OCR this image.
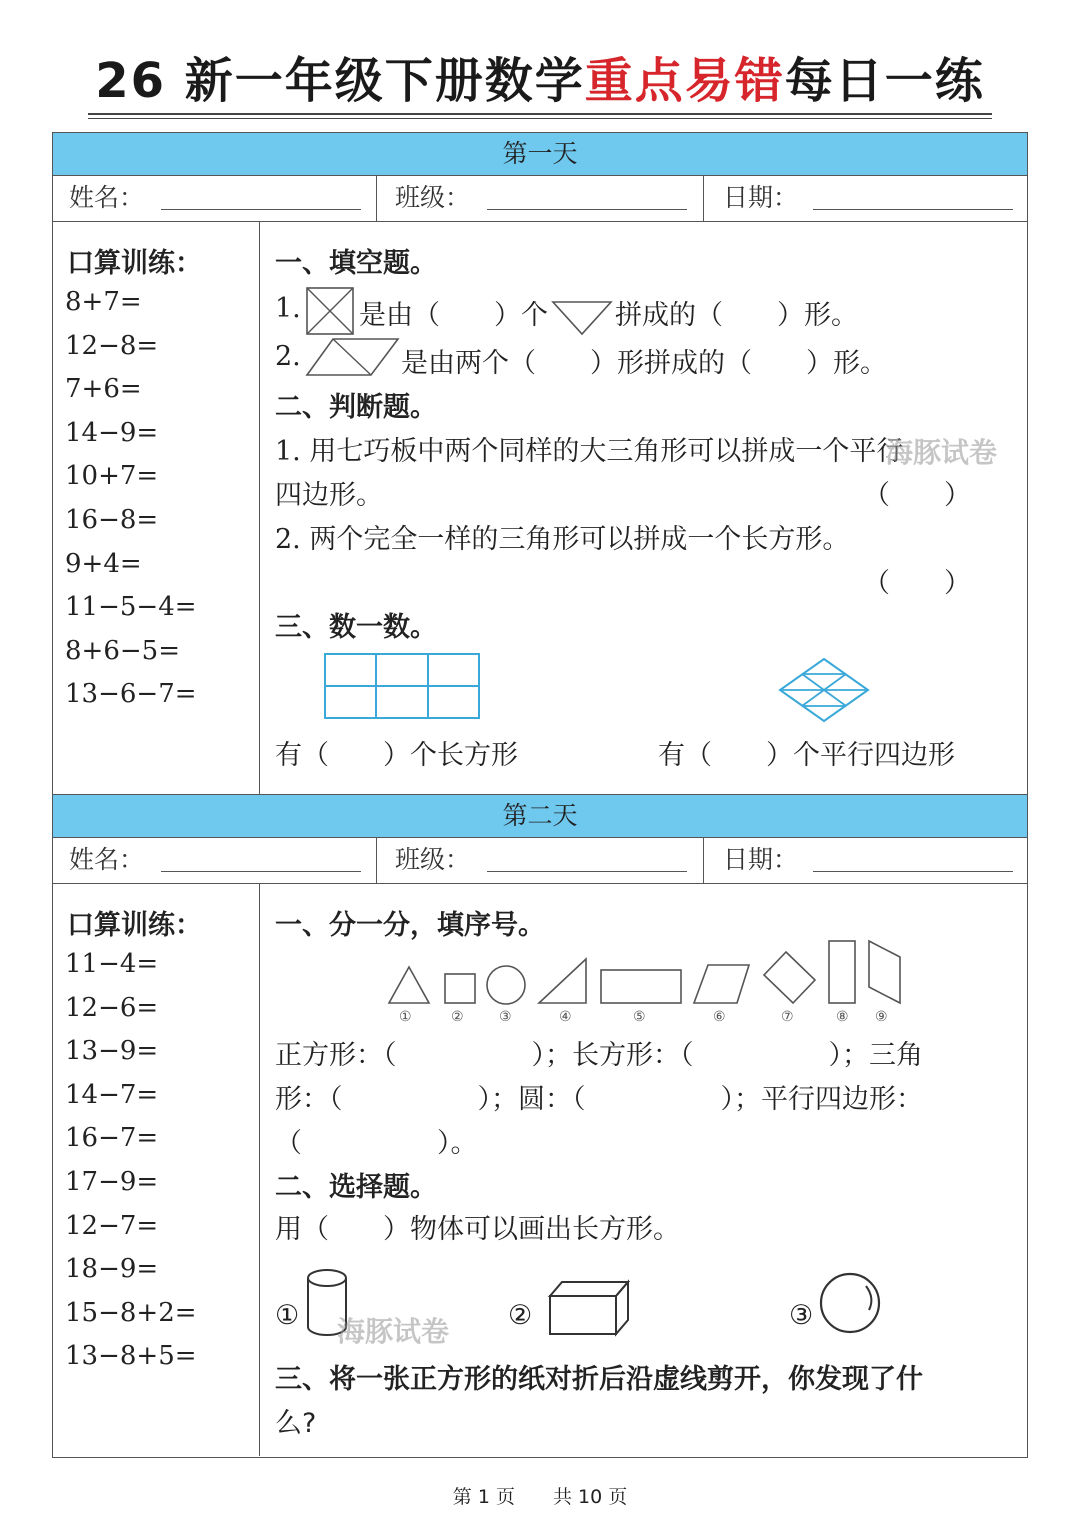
26 新一年级下册数学重点易错每日一练
第一天
姓名：	班级：	日期：
口算训练：
8+7=
12−8=
7+6=
14−9=
10+7=
16−8=
9+4=
11−5−4=
8+6−5=
13−6−7=
一、填空题。
1. 是由（　　）个 拼成的（　　）形。
2.	是由两个（　　）形拼成的（　　）形。
二、判断题。
1. 用七巧板中两个同样的大三角形可以拼成一个平行
海豚试卷
四边形。	（　　）
2. 两个完全一样的三角形可以拼成一个长方形。
（　　）
三、数一数。
有（　　）个长方形	有（　　）个平行四边形
第二天
姓名：	班级：	日期：
口算训练：
11−4=
12−6=
13−9=
14−7=
16−7=
17−9=
12−7=
18−9=
15−8+2=
13−8+5=
一、分一分，填序号。
①	②	③	④	⑤	⑥	⑦	⑧ ⑨
正方形：（　　　　　）；长方形：（　　　　　）；三角
形：（　　　　　）；圆：（　　　　　）；平行四边形：
（　　　　　）。
二、选择题。
用（　　）物体可以画出长方形。
① 海豚试卷 ②	③
三、将一张正方形的纸对折后沿虚线剪开，你发现了什
么?
第 1 页　　共 10 页
